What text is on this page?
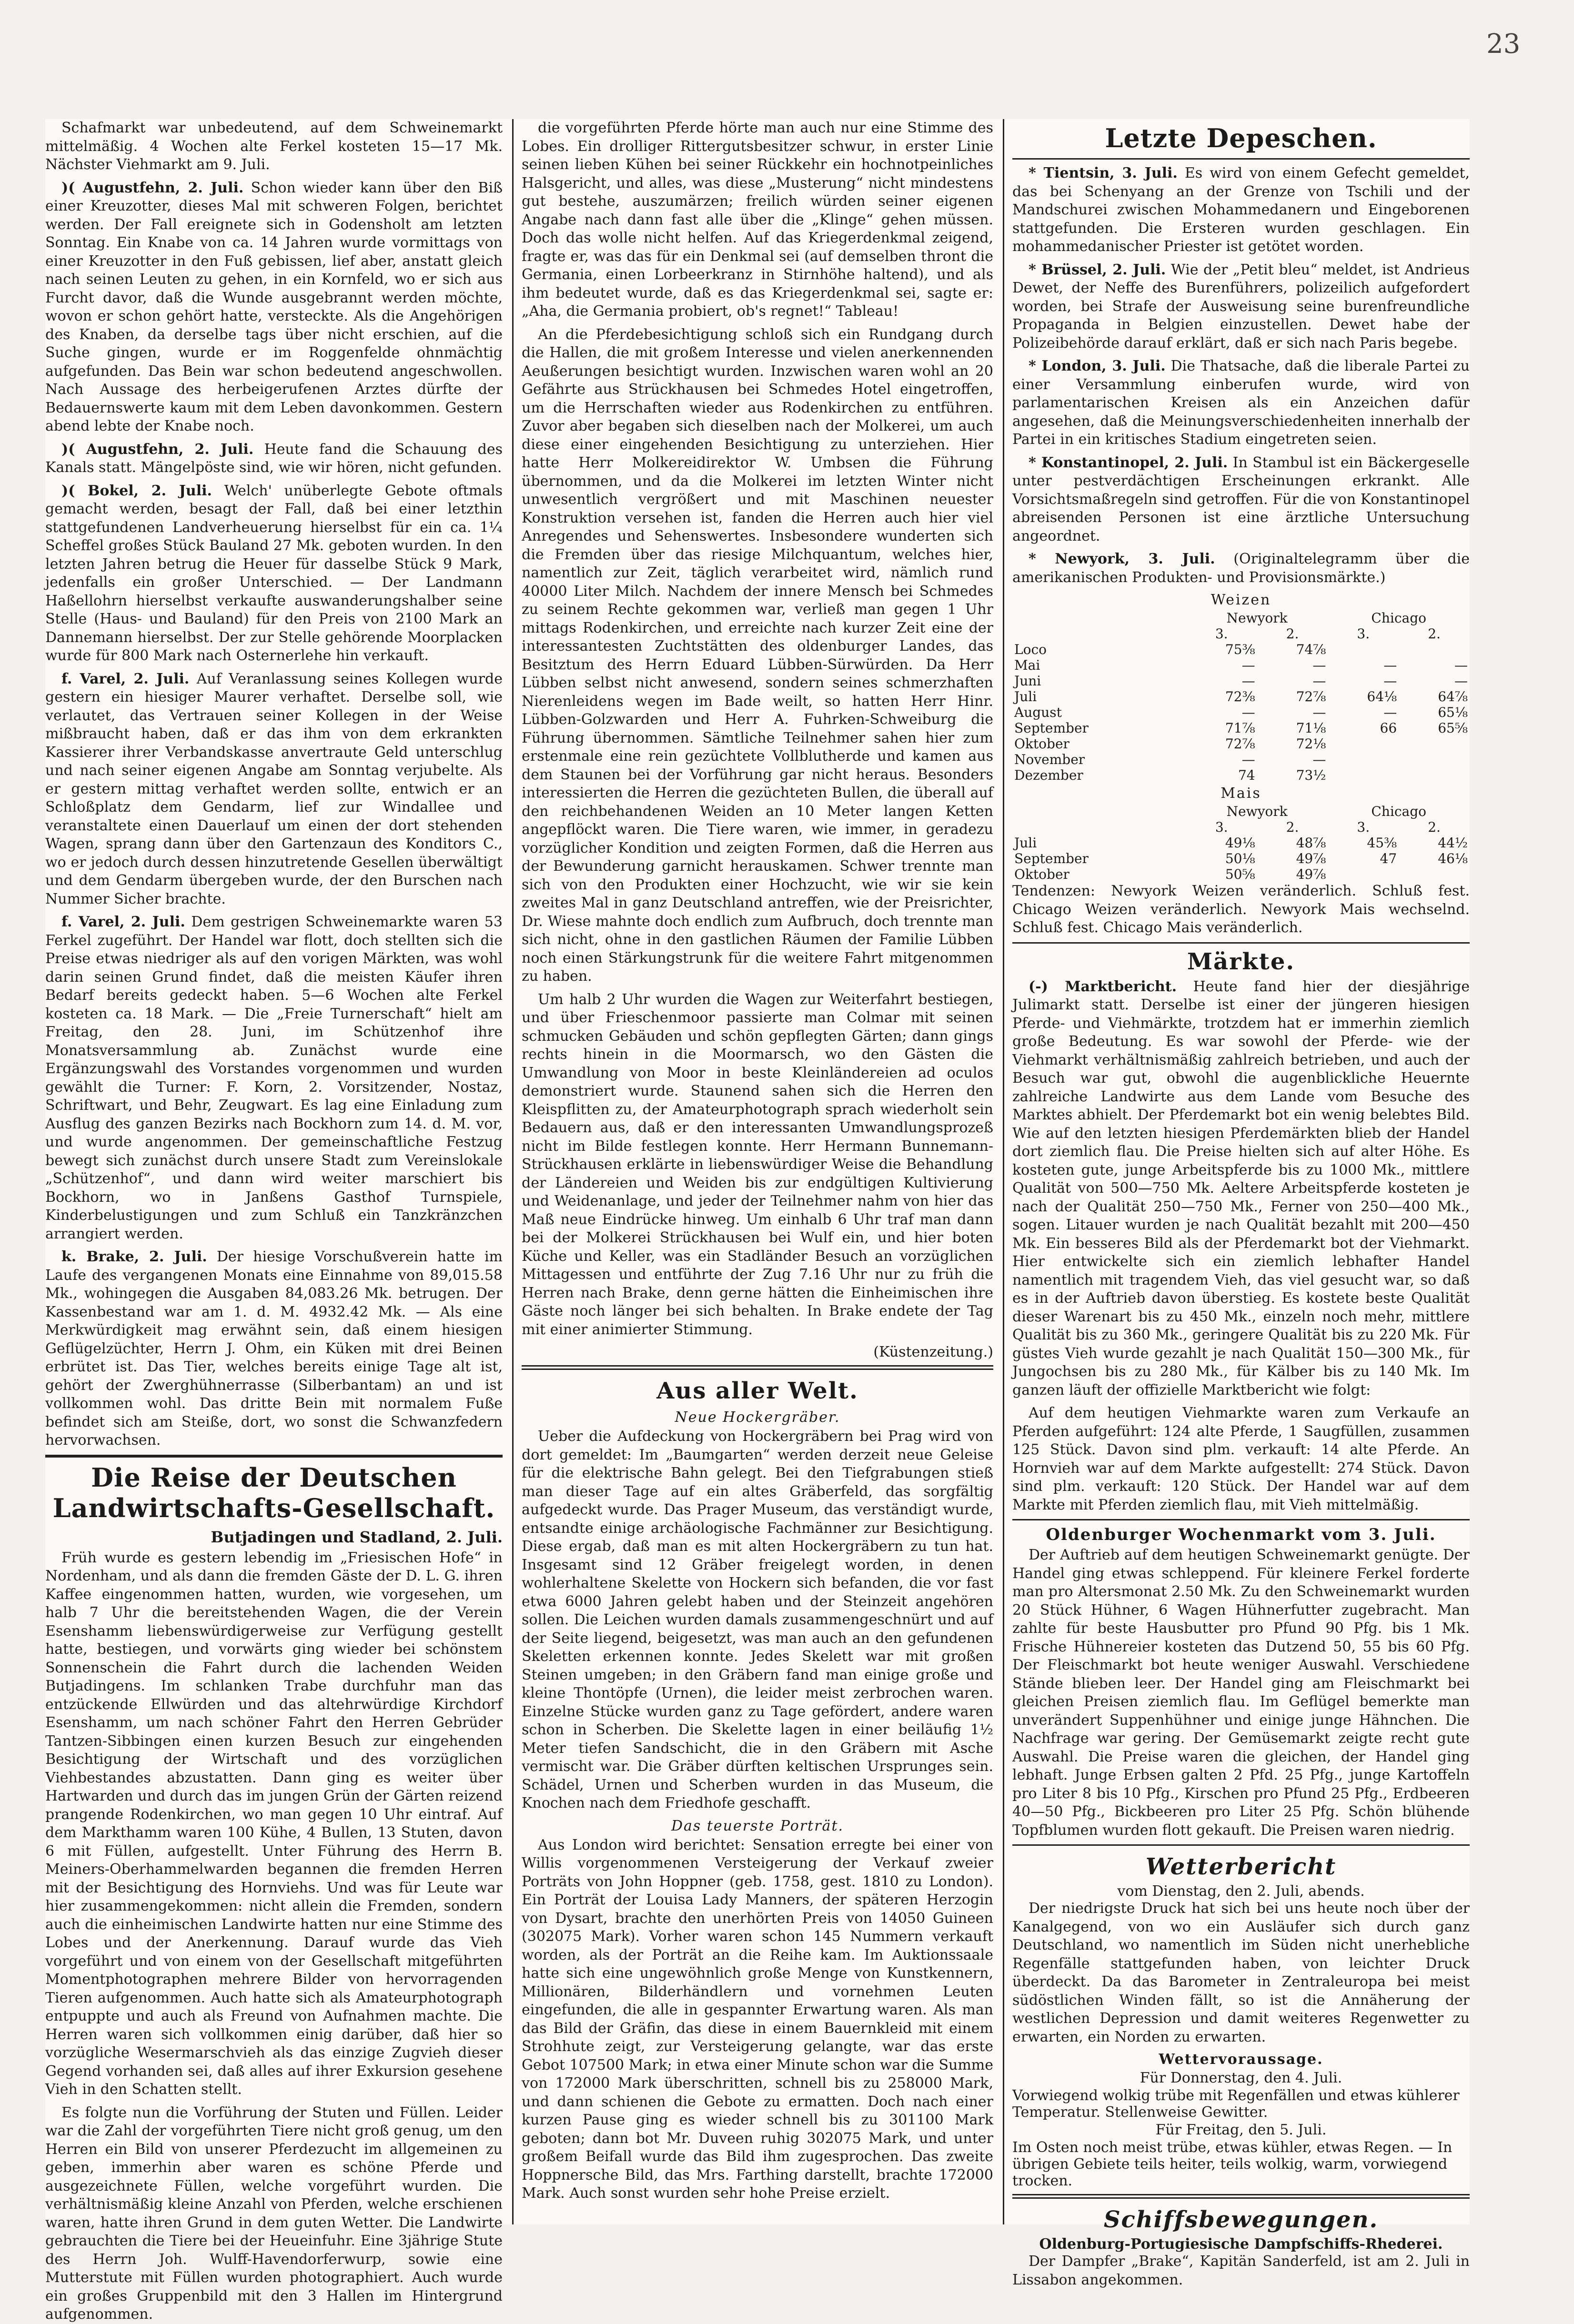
23

Schafmarkt war unbedeutend, auf dem Schweinemarkt mittelmäßig. 4 Wochen alte Ferkel kosteten 15—17 Mk. Nächster Viehmarkt am 9. Juli.

)( Augustfehn, 2. Juli. Schon wieder kann über den Biß einer Kreuzotter, dieses Mal mit schweren Folgen, berichtet werden. Der Fall ereignete sich in Godensholt am letzten Sonntag. Ein Knabe von ca. 14 Jahren wurde vormittags von einer Kreuzotter in den Fuß gebissen, lief aber, anstatt gleich nach seinen Leuten zu gehen, in ein Kornfeld, wo er sich aus Furcht davor, daß die Wunde ausgebrannt werden möchte, wovon er schon gehört hatte, versteckte. Als die Angehörigen des Knaben, da derselbe tags über nicht erschien, auf die Suche gingen, wurde er im Roggenfelde ohnmächtig aufgefunden. Das Bein war schon bedeutend angeschwollen. Nach Aussage des herbeigerufenen Arztes dürfte der Bedauernswerte kaum mit dem Leben davonkommen. Gestern abend lebte der Knabe noch.

)( Augustfehn, 2. Juli. Heute fand die Schauung des Kanals statt. Mängelpöste sind, wie wir hören, nicht gefunden.

)( Bokel, 2. Juli. Welch' unüberlegte Gebote oftmals gemacht werden, besagt der Fall, daß bei einer letzthin stattgefundenen Landverheuerung hierselbst für ein ca. 1¼ Scheffel großes Stück Bauland 27 Mk. geboten wurden. In den letzten Jahren betrug die Heuer für dasselbe Stück 9 Mark, jedenfalls ein großer Unterschied. — Der Landmann Haßellohrn hierselbst verkaufte auswanderungshalber seine Stelle (Haus- und Bauland) für den Preis von 2100 Mark an Dannemann hierselbst. Der zur Stelle gehörende Moorplacken wurde für 800 Mark nach Osternerlehe hin verkauft.

f. Varel, 2. Juli. Auf Veranlassung seines Kollegen wurde gestern ein hiesiger Maurer verhaftet. Derselbe soll, wie verlautet, das Vertrauen seiner Kollegen in der Weise mißbraucht haben, daß er das ihm von dem erkrankten Kassierer ihrer Verbandskasse anvertraute Geld unterschlug und nach seiner eigenen Angabe am Sonntag verjubelte. Als er gestern mittag verhaftet werden sollte, entwich er an Schloßplatz dem Gendarm, lief zur Windallee und veranstaltete einen Dauerlauf um einen der dort stehenden Wagen, sprang dann über den Gartenzaun des Konditors C., wo er jedoch durch dessen hinzutretende Gesellen überwältigt und dem Gendarm übergeben wurde, der den Burschen nach Nummer Sicher brachte.

f. Varel, 2. Juli. Dem gestrigen Schweinemarkte waren 53 Ferkel zugeführt. Der Handel war flott, doch stellten sich die Preise etwas niedriger als auf den vorigen Märkten, was wohl darin seinen Grund findet, daß die meisten Käufer ihren Bedarf bereits gedeckt haben. 5—6 Wochen alte Ferkel kosteten ca. 18 Mark. — Die „Freie Turnerschaft“ hielt am Freitag, den 28. Juni, im Schützenhof ihre Monatsversammlung ab. Zunächst wurde eine Ergänzungswahl des Vorstandes vorgenommen und wurden gewählt die Turner: F. Korn, 2. Vorsitzender, Nostaz, Schriftwart, und Behr, Zeugwart. Es lag eine Einladung zum Ausflug des ganzen Bezirks nach Bockhorn zum 14. d. M. vor, und wurde angenommen. Der gemeinschaftliche Festzug bewegt sich zunächst durch unsere Stadt zum Vereinslokale „Schützenhof“, und dann wird weiter marschiert bis Bockhorn, wo in Janßens Gasthof Turnspiele, Kinderbelustigungen und zum Schluß ein Tanzkränzchen arrangiert werden.

k. Brake, 2. Juli. Der hiesige Vorschußverein hatte im Laufe des vergangenen Monats eine Einnahme von 89,015.58 Mk., wohingegen die Ausgaben 84,083.26 Mk. betrugen. Der Kassenbestand war am 1. d. M. 4932.42 Mk. — Als eine Merkwürdigkeit mag erwähnt sein, daß einem hiesigen Geflügelzüchter, Herrn J. Ohm, ein Küken mit drei Beinen erbrütet ist. Das Tier, welches bereits einige Tage alt ist, gehört der Zwerghühnerrasse (Silberbantam) an und ist vollkommen wohl. Das dritte Bein mit normalem Fuße befindet sich am Steiße, dort, wo sonst die Schwanzfedern hervorwachsen.

Die Reise der Deutschen Landwirtschafts-Gesellschaft.
Butjadingen und Stadland, 2. Juli.

Früh wurde es gestern lebendig im „Friesischen Hofe“ in Nordenham, und als dann die fremden Gäste der D. L. G. ihren Kaffee eingenommen hatten, wurden, wie vorgesehen, um halb 7 Uhr die bereitstehenden Wagen, die der Verein Esenshamm liebenswürdigerweise zur Verfügung gestellt hatte, bestiegen, und vorwärts ging wieder bei schönstem Sonnenschein die Fahrt durch die lachenden Weiden Butjadingens. Im schlanken Trabe durchfuhr man das entzückende Ellwürden und das altehrwürdige Kirchdorf Esenshamm, um nach schöner Fahrt den Herren Gebrüder Tantzen-Sibbingen einen kurzen Besuch zur eingehenden Besichtigung der Wirtschaft und des vorzüglichen Viehbestandes abzustatten. Dann ging es weiter über Hartwarden und durch das im jungen Grün der Gärten reizend prangende Rodenkirchen, wo man gegen 10 Uhr eintraf. Auf dem Markthamm waren 100 Kühe, 4 Bullen, 13 Stuten, davon 6 mit Füllen, aufgestellt. Unter Führung des Herrn B. Meiners-Oberhammelwarden begannen die fremden Herren mit der Besichtigung des Hornviehs. Und was für Leute war hier zusammengekommen: nicht allein die Fremden, sondern auch die einheimischen Landwirte hatten nur eine Stimme des Lobes und der Anerkennung. Darauf wurde das Vieh vorgeführt und von einem von der Gesellschaft mitgeführten Momentphotographen mehrere Bilder von hervorragenden Tieren aufgenommen. Auch hatte sich als Amateurphotograph entpuppte und auch als Freund von Aufnahmen machte. Die Herren waren sich vollkommen einig darüber, daß hier so vorzügliche Wesermarschvieh als das einzige Zugvieh dieser Gegend vorhanden sei, daß alles auf ihrer Exkursion gesehene Vieh in den Schatten stellt.

Es folgte nun die Vorführung der Stuten und Füllen. Leider war die Zahl der vorgeführten Tiere nicht groß genug, um den Herren ein Bild von unserer Pferdezucht im allgemeinen zu geben, immerhin aber waren es schöne Pferde und ausgezeichnete Füllen, welche vorgeführt wurden. Die verhältnismäßig kleine Anzahl von Pferden, welche erschienen waren, hatte ihren Grund in dem guten Wetter. Die Landwirte gebrauchten die Tiere bei der Heueinfuhr. Eine 3jährige Stute des Herrn Joh. Wulff-Havendorferwurp, sowie eine Mutterstute mit Füllen wurden photographiert. Auch wurde ein großes Gruppenbild mit den 3 Hallen im Hintergrund aufgenommen.

die vorgeführten Pferde hörte man auch nur eine Stimme des Lobes. Ein drolliger Rittergutsbesitzer schwur, in erster Linie seinen lieben Kühen bei seiner Rückkehr ein hochnotpeinliches Halsgericht, und alles, was diese „Musterung“ nicht mindestens gut bestehe, auszumärzen; freilich würden seiner eigenen Angabe nach dann fast alle über die „Klinge“ gehen müssen. Doch das wolle nicht helfen. Auf das Kriegerdenkmal zeigend, fragte er, was das für ein Denkmal sei (auf demselben thront die Germania, einen Lorbeerkranz in Stirnhöhe haltend), und als ihm bedeutet wurde, daß es das Kriegerdenkmal sei, sagte er: „Aha, die Germania probiert, ob's regnet!“ Tableau!

An die Pferdebesichtigung schloß sich ein Rundgang durch die Hallen, die mit großem Interesse und vielen anerkennenden Aeußerungen besichtigt wurden. Inzwischen waren wohl an 20 Gefährte aus Strückhausen bei Schmedes Hotel eingetroffen, um die Herrschaften wieder aus Rodenkirchen zu entführen. Zuvor aber begaben sich dieselben nach der Molkerei, um auch diese einer eingehenden Besichtigung zu unterziehen. Hier hatte Herr Molkereidirektor W. Umbsen die Führung übernommen, und da die Molkerei im letzten Winter nicht unwesentlich vergrößert und mit Maschinen neuester Konstruktion versehen ist, fanden die Herren auch hier viel Anregendes und Sehenswertes. Insbesondere wunderten sich die Fremden über das riesige Milchquantum, welches hier, namentlich zur Zeit, täglich verarbeitet wird, nämlich rund 40000 Liter Milch. Nachdem der innere Mensch bei Schmedes zu seinem Rechte gekommen war, verließ man gegen 1 Uhr mittags Rodenkirchen, und erreichte nach kurzer Zeit eine der interessantesten Zuchtstätten des oldenburger Landes, das Besitztum des Herrn Eduard Lübben-Sürwürden. Da Herr Lübben selbst nicht anwesend, sondern seines schmerzhaften Nierenleidens wegen im Bade weilt, so hatten Herr Hinr. Lübben-Golzwarden und Herr A. Fuhrken-Schweiburg die Führung übernommen. Sämtliche Teilnehmer sahen hier zum erstenmale eine rein gezüchtete Vollblutherde und kamen aus dem Staunen bei der Vorführung gar nicht heraus. Besonders interessierten die Herren die gezüchteten Bullen, die überall auf den reichbehandenen Weiden an 10 Meter langen Ketten angepflöckt waren. Die Tiere waren, wie immer, in geradezu vorzüglicher Kondition und zeigten Formen, daß die Herren aus der Bewunderung garnicht herauskamen. Schwer trennte man sich von den Produkten einer Hochzucht, wie wir sie kein zweites Mal in ganz Deutschland antreffen, wie der Preisrichter, Dr. Wiese mahnte doch endlich zum Aufbruch, doch trennte man sich nicht, ohne in den gastlichen Räumen der Familie Lübben noch einen Stärkungstrunk für die weitere Fahrt mitgenommen zu haben.

Um halb 2 Uhr wurden die Wagen zur Weiterfahrt bestiegen, und über Frieschenmoor passierte man Colmar mit seinen schmucken Gebäuden und schön gepflegten Gärten; dann gings rechts hinein in die Moormarsch, wo den Gästen die Umwandlung von Moor in beste Kleinländereien ad oculos demonstriert wurde. Staunend sahen sich die Herren den Kleispflitten zu, der Amateurphotograph sprach wiederholt sein Bedauern aus, daß er den interessanten Umwandlungsprozeß nicht im Bilde festlegen konnte. Herr Hermann Bunnemann-Strückhausen erklärte in liebenswürdiger Weise die Behandlung der Ländereien und Weiden bis zur endgültigen Kultivierung und Weidenanlage, und jeder der Teilnehmer nahm von hier das Maß neue Eindrücke hinweg. Um einhalb 6 Uhr traf man dann bei der Molkerei Strückhausen bei Wulf ein, und hier boten Küche und Keller, was ein Stadländer Besuch an vorzüglichen Mittagessen und entführte der Zug 7.16 Uhr nur zu früh die Herren nach Brake, denn gerne hätten die Einheimischen ihre Gäste noch länger bei sich behalten. In Brake endete der Tag mit einer animierter Stimmung.

(Küstenzeitung.)
Aus aller Welt.
Neue Hockergräber.

Ueber die Aufdeckung von Hockergräbern bei Prag wird von dort gemeldet: Im „Baumgarten“ werden derzeit neue Geleise für die elektrische Bahn gelegt. Bei den Tiefgrabungen stieß man dieser Tage auf ein altes Gräberfeld, das sorgfältig aufgedeckt wurde. Das Prager Museum, das verständigt wurde, entsandte einige archäologische Fachmänner zur Besichtigung. Diese ergab, daß man es mit alten Hockergräbern zu tun hat. Insgesamt sind 12 Gräber freigelegt worden, in denen wohlerhaltene Skelette von Hockern sich befanden, die vor fast etwa 6000 Jahren gelebt haben und der Steinzeit angehören sollen. Die Leichen wurden damals zusammengeschnürt und auf der Seite liegend, beigesetzt, was man auch an den gefundenen Skeletten erkennen konnte. Jedes Skelett war mit großen Steinen umgeben; in den Gräbern fand man einige große und kleine Thontöpfe (Urnen), die leider meist zerbrochen waren. Einzelne Stücke wurden ganz zu Tage gefördert, andere waren schon in Scherben. Die Skelette lagen in einer beiläufig 1½ Meter tiefen Sandschicht, die in den Gräbern mit Asche vermischt war. Die Gräber dürften keltischen Ursprunges sein. Schädel, Urnen und Scherben wurden in das Museum, die Knochen nach dem Friedhofe geschafft.

Das teuerste Porträt.

Aus London wird berichtet: Sensation erregte bei einer von Willis vorgenommenen Versteigerung der Verkauf zweier Porträts von John Hoppner (geb. 1758, gest. 1810 zu London). Ein Porträt der Louisa Lady Manners, der späteren Herzogin von Dysart, brachte den unerhörten Preis von 14050 Guineen (302075 Mark). Vorher waren schon 145 Nummern verkauft worden, als der Porträt an die Reihe kam. Im Auktionssaale hatte sich eine ungewöhnlich große Menge von Kunstkennern, Millionären, Bilderhändlern und vornehmen Leuten eingefunden, die alle in gespannter Erwartung waren. Als man das Bild der Gräfin, das diese in einem Bauernkleid mit einem Strohhute zeigt, zur Versteigerung gelangte, war das erste Gebot 107500 Mark; in etwa einer Minute schon war die Summe von 172000 Mark überschritten, schnell bis zu 258000 Mark, und dann schienen die Gebote zu ermatten. Doch nach einer kurzen Pause ging es wieder schnell bis zu 301100 Mark geboten; dann bot Mr. Duveen ruhig 302075 Mark, und unter großem Beifall wurde das Bild ihm zugesprochen. Das zweite Hoppnersche Bild, das Mrs. Farthing darstellt, brachte 172000 Mark. Auch sonst wurden sehr hohe Preise erzielt.

Letzte Depeschen.

* Tientsin, 3. Juli. Es wird von einem Gefecht gemeldet, das bei Schenyang an der Grenze von Tschili und der Mandschurei zwischen Mohammedanern und Eingeborenen stattgefunden. Die Ersteren wurden geschlagen. Ein mohammedanischer Priester ist getötet worden.

* Brüssel, 2. Juli. Wie der „Petit bleu“ meldet, ist Andrieus Dewet, der Neffe des Burenführers, polizeilich aufgefordert worden, bei Strafe der Ausweisung seine burenfreundliche Propaganda in Belgien einzustellen. Dewet habe der Polizeibehörde darauf erklärt, daß er sich nach Paris begebe.

* London, 3. Juli. Die Thatsache, daß die liberale Partei zu einer Versammlung einberufen wurde, wird von parlamentarischen Kreisen als ein Anzeichen dafür angesehen, daß die Meinungsverschiedenheiten innerhalb der Partei in ein kritisches Stadium eingetreten seien.

* Konstantinopel, 2. Juli. In Stambul ist ein Bäckergeselle unter pestverdächtigen Erscheinungen erkrankt. Alle Vorsichtsmaßregeln sind getroffen. Für die von Konstantinopel abreisenden Personen ist eine ärztliche Untersuchung angeordnet.

* Newyork, 3. Juli. (Originaltelegramm über die amerikanischen Produkten- und Provisionsmärkte.)

Weizen
	Newyork		Chicago	
	3.	2.	3.	2.
Loco	75⅜	74⅞		
Mai	—	—	—	—
Juni	—	—	—	—
Juli	72⅜	72⅞	64⅛	64⅞
August	—	—	—	65⅛
September	71⅞	71⅛	66	65⅝
Oktober	72⅞	72⅛		
November	—	—		
Dezember	74	73½		
Mais
	Newyork		Chicago	
	3.	2.	3.	2.
Juli	49⅛	48⅞	45⅜	44½
September	50⅛	49⅞	47	46⅛
Oktober	50⅝	49⅞		

Tendenzen: Newyork Weizen veränderlich. Schluß fest. Chicago Weizen veränderlich. Newyork Mais wechselnd. Schluß fest. Chicago Mais veränderlich.

Märkte.

(-) Marktbericht. Heute fand hier der diesjährige Julimarkt statt. Derselbe ist einer der jüngeren hiesigen Pferde- und Viehmärkte, trotzdem hat er immerhin ziemlich große Bedeutung. Es war sowohl der Pferde- wie der Viehmarkt verhältnismäßig zahlreich betrieben, und auch der Besuch war gut, obwohl die augenblickliche Heuernte zahlreiche Landwirte aus dem Lande vom Besuche des Marktes abhielt. Der Pferdemarkt bot ein wenig belebtes Bild. Wie auf den letzten hiesigen Pferdemärkten blieb der Handel dort ziemlich flau. Die Preise hielten sich auf alter Höhe. Es kosteten gute, junge Arbeitspferde bis zu 1000 Mk., mittlere Qualität von 500—750 Mk. Aeltere Arbeitspferde kosteten je nach der Qualität 250—750 Mk., Ferner von 250—400 Mk., sogen. Litauer wurden je nach Qualität bezahlt mit 200—450 Mk. Ein besseres Bild als der Pferdemarkt bot der Viehmarkt. Hier entwickelte sich ein ziemlich lebhafter Handel namentlich mit tragendem Vieh, das viel gesucht war, so daß es in der Auftrieb davon überstieg. Es kostete beste Qualität dieser Warenart bis zu 450 Mk., einzeln noch mehr, mittlere Qualität bis zu 360 Mk., geringere Qualität bis zu 220 Mk. Für güstes Vieh wurde gezahlt je nach Qualität 150—300 Mk., für Jungochsen bis zu 280 Mk., für Kälber bis zu 140 Mk. Im ganzen läuft der offizielle Marktbericht wie folgt:

Auf dem heutigen Viehmarkte waren zum Verkaufe an Pferden aufgeführt: 124 alte Pferde, 1 Saugfüllen, zusammen 125 Stück. Davon sind plm. verkauft: 14 alte Pferde. An Hornvieh war auf dem Markte aufgestellt: 274 Stück. Davon sind plm. verkauft: 120 Stück. Der Handel war auf dem Markte mit Pferden ziemlich flau, mit Vieh mittelmäßig.

Oldenburger Wochenmarkt vom 3. Juli.

Der Auftrieb auf dem heutigen Schweinemarkt genügte. Der Handel ging etwas schleppend. Für kleinere Ferkel forderte man pro Altersmonat 2.50 Mk. Zu den Schweinemarkt wurden 20 Stück Hühner, 6 Wagen Hühnerfutter zugebracht. Man zahlte für beste Hausbutter pro Pfund 90 Pfg. bis 1 Mk. Frische Hühnereier kosteten das Dutzend 50, 55 bis 60 Pfg. Der Fleischmarkt bot heute weniger Auswahl. Verschiedene Stände blieben leer. Der Handel ging am Fleischmarkt bei gleichen Preisen ziemlich flau. Im Geflügel bemerkte man unverändert Suppenhühner und einige junge Hähnchen. Die Nachfrage war gering. Der Gemüsemarkt zeigte recht gute Auswahl. Die Preise waren die gleichen, der Handel ging lebhaft. Junge Erbsen galten 2 Pfd. 25 Pfg., junge Kartoffeln pro Liter 8 bis 10 Pfg., Kirschen pro Pfund 25 Pfg., Erdbeeren 40—50 Pfg., Bickbeeren pro Liter 25 Pfg. Schön blühende Topfblumen wurden flott gekauft. Die Preisen waren niedrig.

Wetterbericht
vom Dienstag, den 2. Juli, abends.

Der niedrigste Druck hat sich bei uns heute noch über der Kanalgegend, von wo ein Ausläufer sich durch ganz Deutschland, wo namentlich im Süden nicht unerhebliche Regenfälle stattgefunden haben, von leichter Druck überdeckt. Da das Barometer in Zentraleuropa bei meist südöstlichen Winden fällt, so ist die Annäherung der westlichen Depression und damit weiteres Regenwetter zu erwarten, ein Norden zu erwarten.

Wettervoraussage.
Für Donnerstag, den 4. Juli.
Vorwiegend wolkig trübe mit Regenfällen und etwas kühlerer Temperatur. Stellenweise Gewitter.
Für Freitag, den 5. Juli.
Im Osten noch meist trübe, etwas kühler, etwas Regen. — In übrigen Gebiete teils heiter, teils wolkig, warm, vorwiegend trocken.
Schiffsbewegungen.
Oldenburg-Portugiesische Dampfschiffs-Rhederei.

Der Dampfer „Brake“, Kapitän Sanderfeld, ist am 2. Juli in Lissabon angekommen.
